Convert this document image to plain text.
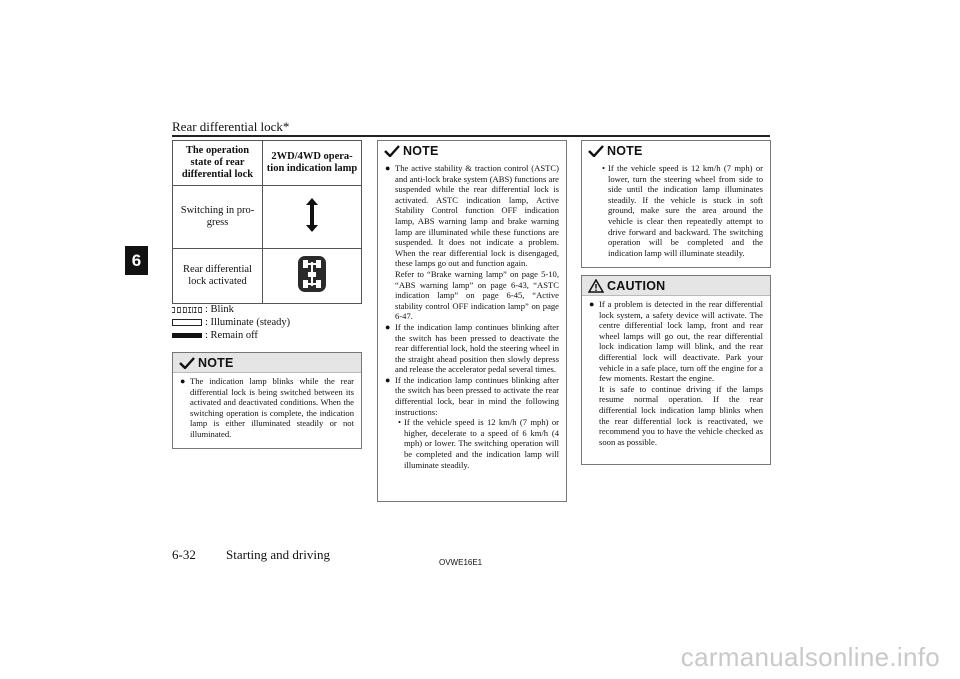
Rear differential lock*
6
The operation state of rear differential lock	2WD/4WD opera-tion indication lamp
Switching in pro-gress	
Rear differential lock activated	
: Blink
: Illuminate (steady)
: Remain off
NOTE
● The indication lamp blinks while the rear differential lock is being switched between its activated and deactivated conditions. When the switching operation is complete, the indication lamp is either illuminated steadily or not illuminated.
NOTE
● The active stability & traction control (ASTC) and anti-lock brake system (ABS) functions are suspended while the rear differential lock is activated. ASTC indication lamp, Active Stability Control function OFF indication lamp, ABS warning lamp and brake warning lamp are illuminated while these functions are suspended. It does not indicate a problem. When the rear differential lock is disengaged, these lamps go out and function again.

Refer to “Brake warning lamp” on page 5-10, “ABS warning lamp” on page 6-43, “ASTC indication lamp” on page 6-45, “Active stability control OFF indication lamp” on page 6-47.

● If the indication lamp continues blinking after the switch has been pressed to deactivate the rear differential lock, hold the steering wheel in the straight ahead position then slowly depress and release the accelerator pedal several times.
● If the indication lamp continues blinking after the switch has been pressed to activate the rear differential lock, bear in mind the following instructions:
• If the vehicle speed is 12 km/h (7 mph) or higher, decelerate to a speed of 6 km/h (4 mph) or lower. The switching operation will be completed and the indication lamp will illuminate steadily.
NOTE
• If the vehicle speed is 12 km/h (7 mph) or lower, turn the steering wheel from side to side until the indication lamp illuminates steadily. If the vehicle is stuck in soft ground, make sure the area around the vehicle is clear then repeatedly attempt to drive forward and backward. The switching operation will be completed and the indication lamp will illuminate steadily.
CAUTION
● If a problem is detected in the rear differential lock system, a safety device will activate. The centre differential lock lamp, front and rear wheel lamps will go out, the rear differential lock indication lamp will blink, and the rear differential lock will deactivate. Park your vehicle in a safe place, turn off the engine for a few moments. Restart the engine.

It is safe to continue driving if the lamps resume normal operation. If the rear differential lock indication lamp blinks when the rear differential lock is reactivated, we recommend you to have the vehicle checked as soon as possible.

6-32 Starting and driving
OVWE16E1
carmanualsonline.info
